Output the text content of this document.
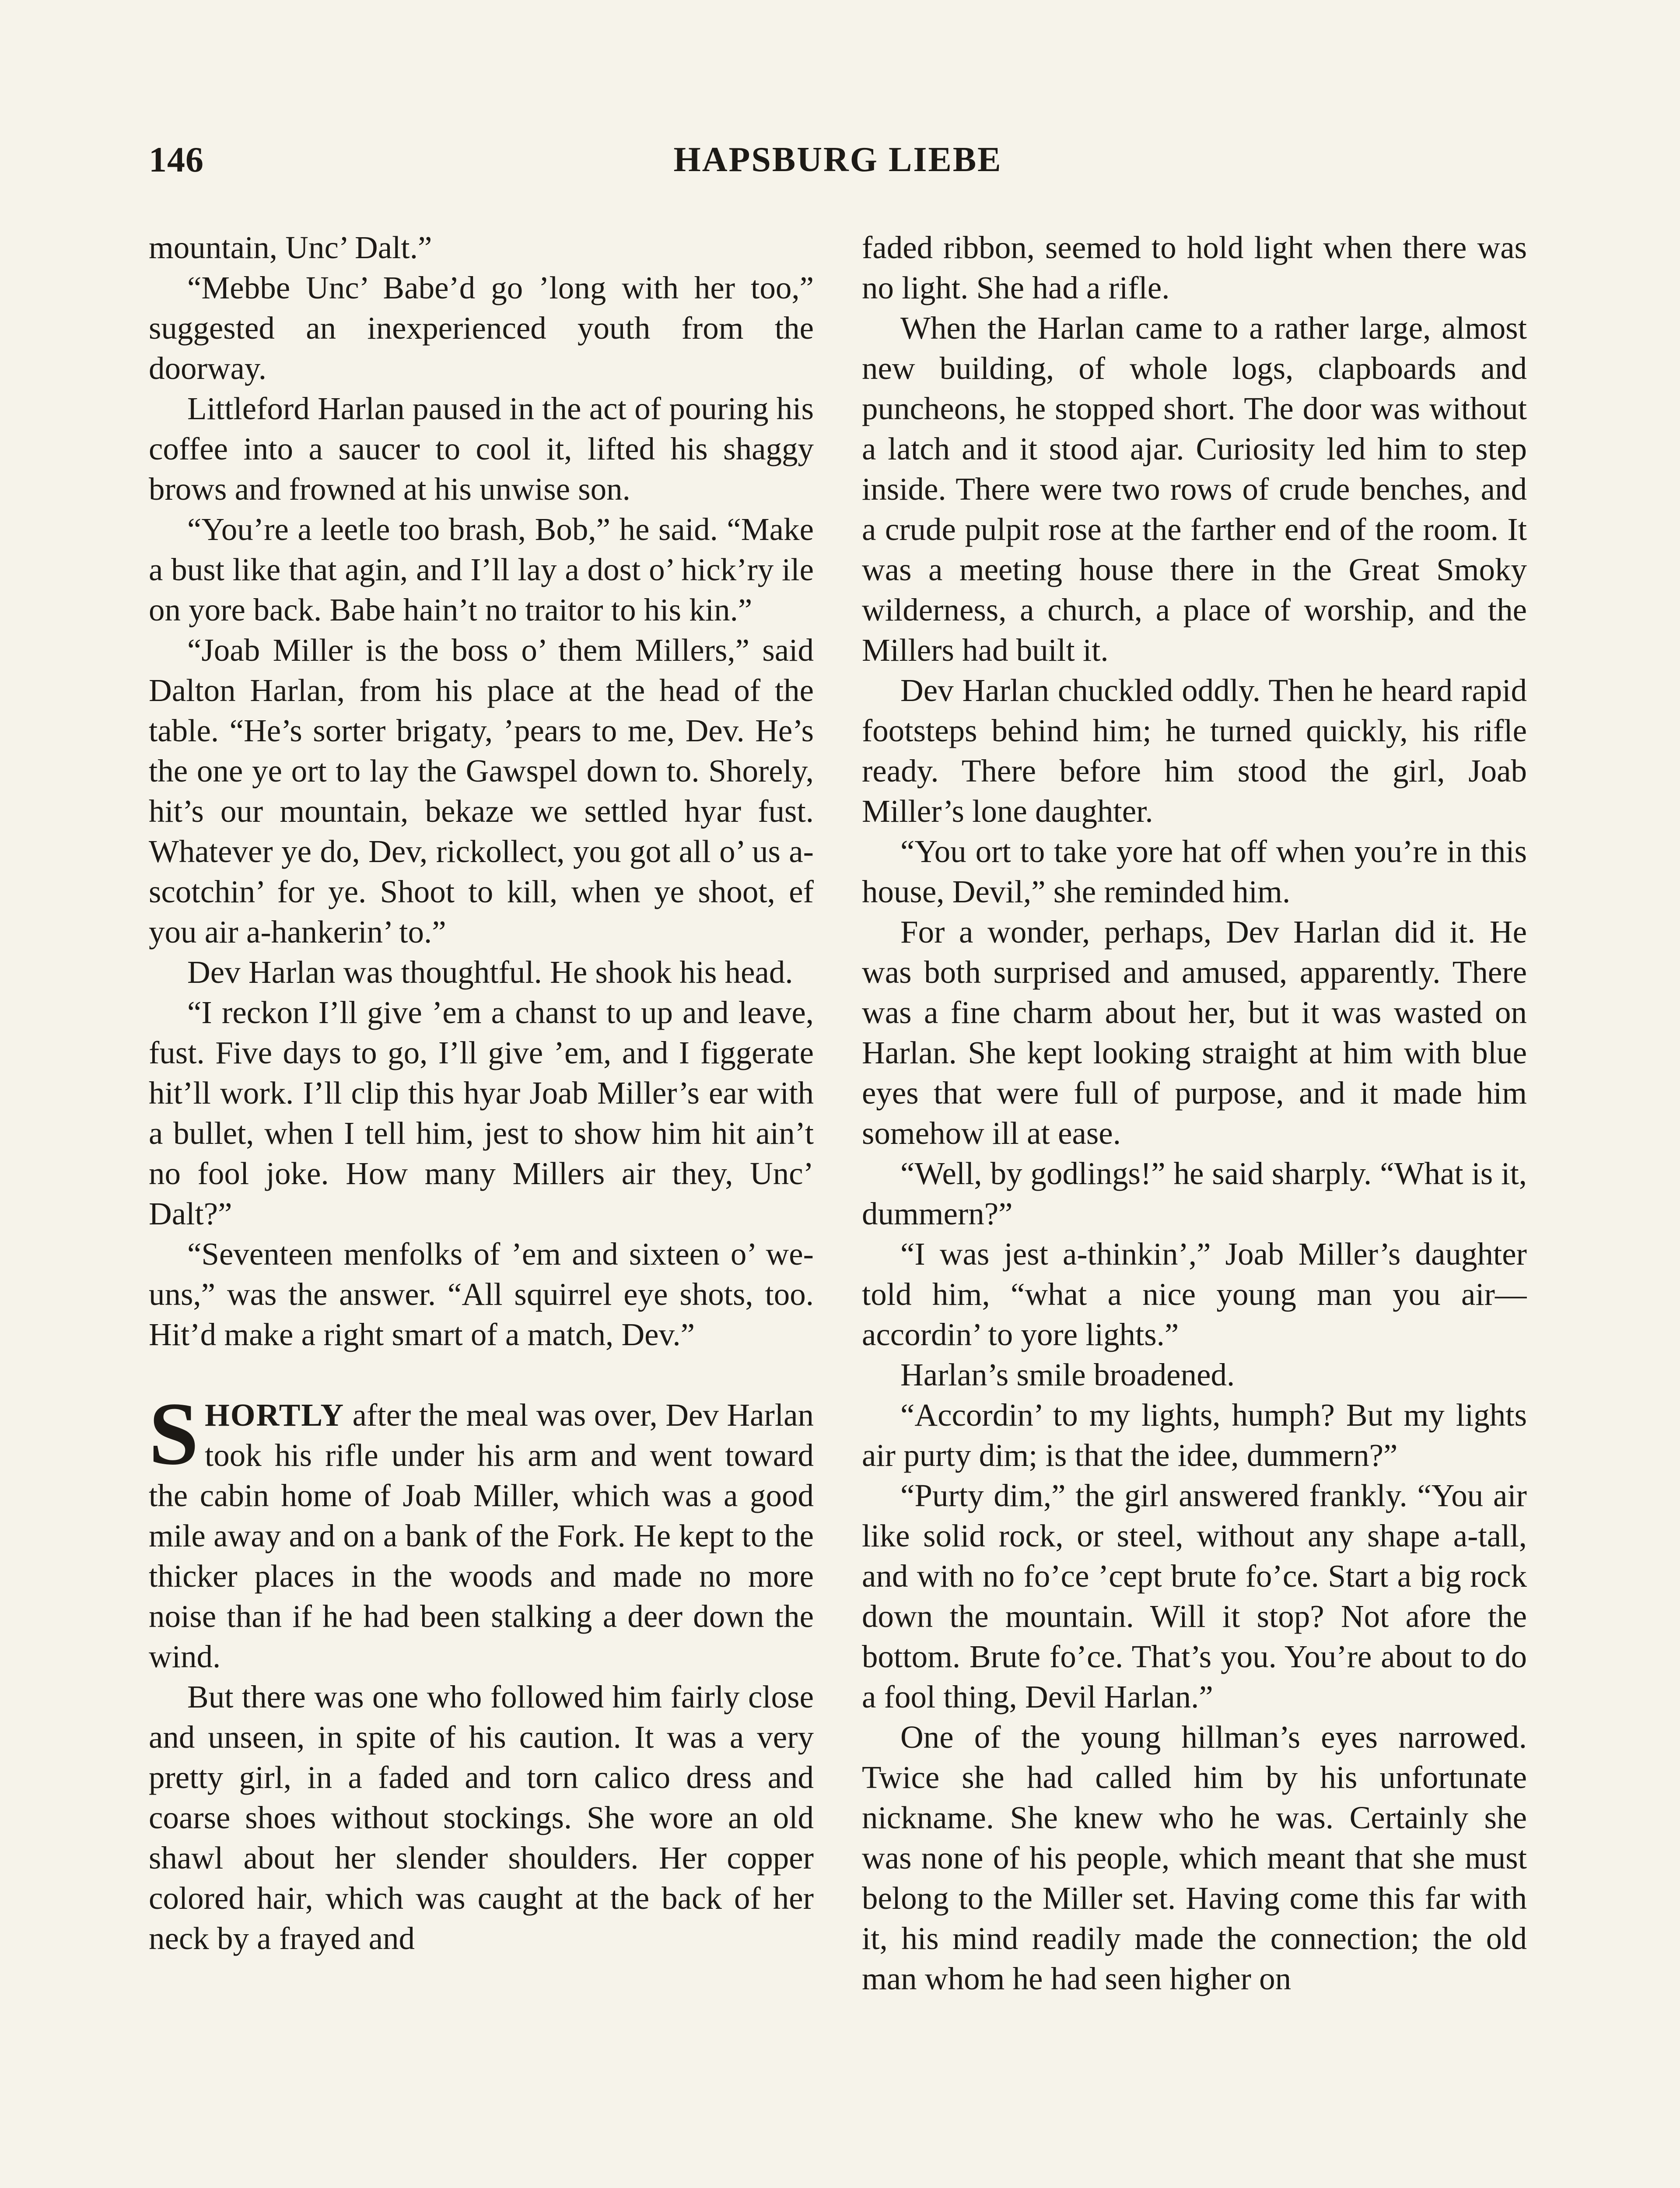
146	HAPSBURG LIEBE

mountain, Unc’ Dalt.”

“Mebbe Unc’ Babe’d go ’long with her too,” suggested an inexperienced youth from the doorway.

Littleford Harlan paused in the act of pouring his coffee into a saucer to cool it, lifted his shaggy brows and frowned at his unwise son.

“You’re a leetle too brash, Bob,” he said. “Make a bust like that agin, and I’ll lay a dost o’ hick’ry ile on yore back. Babe hain’t no traitor to his kin.”

“Joab Miller is the boss o’ them Millers,” said Dalton Harlan, from his place at the head of the table. “He’s sorter brigaty, ’pears to me, Dev. He’s the one ye ort to lay the Gawspel down to. Shorely, hit’s our mountain, bekaze we settled hyar fust. Whatever ye do, Dev, rickollect, you got all o’ us a-scotchin’ for ye. Shoot to kill, when ye shoot, ef you air a-hankerin’ to.”

Dev Harlan was thoughtful. He shook his head.

“I reckon I’ll give ’em a chanst to up and leave, fust. Five days to go, I’ll give ’em, and I figgerate hit’ll work. I’ll clip this hyar Joab Miller’s ear with a bullet, when I tell him, jest to show him hit ain’t no fool joke. How many Millers air they, Unc’ Dalt?”

“Seventeen menfolks of ’em and sixteen o’ we-uns,” was the answer. “All squirrel eye shots, too. Hit’d make a right smart of a match, Dev.”

SHORTLY after the meal was over, Dev Harlan took his rifle under his arm and went toward the cabin home of Joab Miller, which was a good mile away and on a bank of the Fork. He kept to the thicker places in the woods and made no more noise than if he had been stalking a deer down the wind.

But there was one who followed him fairly close and unseen, in spite of his caution. It was a very pretty girl, in a faded and torn calico dress and coarse shoes without stockings. She wore an old shawl about her slender shoulders. Her copper colored hair, which was caught at the back of her neck by a frayed and

faded ribbon, seemed to hold light when there was no light. She had a rifle.

When the Harlan came to a rather large, almost new building, of whole logs, clapboards and puncheons, he stopped short. The door was without a latch and it stood ajar. Curiosity led him to step inside. There were two rows of crude benches, and a crude pulpit rose at the farther end of the room. It was a meeting house there in the Great Smoky wilderness, a church, a place of worship, and the Millers had built it.

Dev Harlan chuckled oddly. Then he heard rapid footsteps behind him; he turned quickly, his rifle ready. There before him stood the girl, Joab Miller’s lone daughter.

“You ort to take yore hat off when you’re in this house, Devil,” she reminded him.

For a wonder, perhaps, Dev Harlan did it. He was both surprised and amused, apparently. There was a fine charm about her, but it was wasted on Harlan. She kept looking straight at him with blue eyes that were full of purpose, and it made him somehow ill at ease.

“Well, by godlings!” he said sharply. “What is it, dummern?”

“I was jest a-thinkin’,” Joab Miller’s daughter told him, “what a nice young man you air—accordin’ to yore lights.”

Harlan’s smile broadened.

“Accordin’ to my lights, humph? But my lights air purty dim; is that the idee, dummern?”

“Purty dim,” the girl answered frankly. “You air like solid rock, or steel, without any shape a-tall, and with no fo’ce ’cept brute fo’ce. Start a big rock down the mountain. Will it stop? Not afore the bottom. Brute fo’ce. That’s you. You’re about to do a fool thing, Devil Harlan.”

One of the young hillman’s eyes narrowed. Twice she had called him by his unfortunate nickname. She knew who he was. Certainly she was none of his people, which meant that she must belong to the Miller set. Having come this far with it, his mind readily made the connection; the old man whom he had seen higher on
